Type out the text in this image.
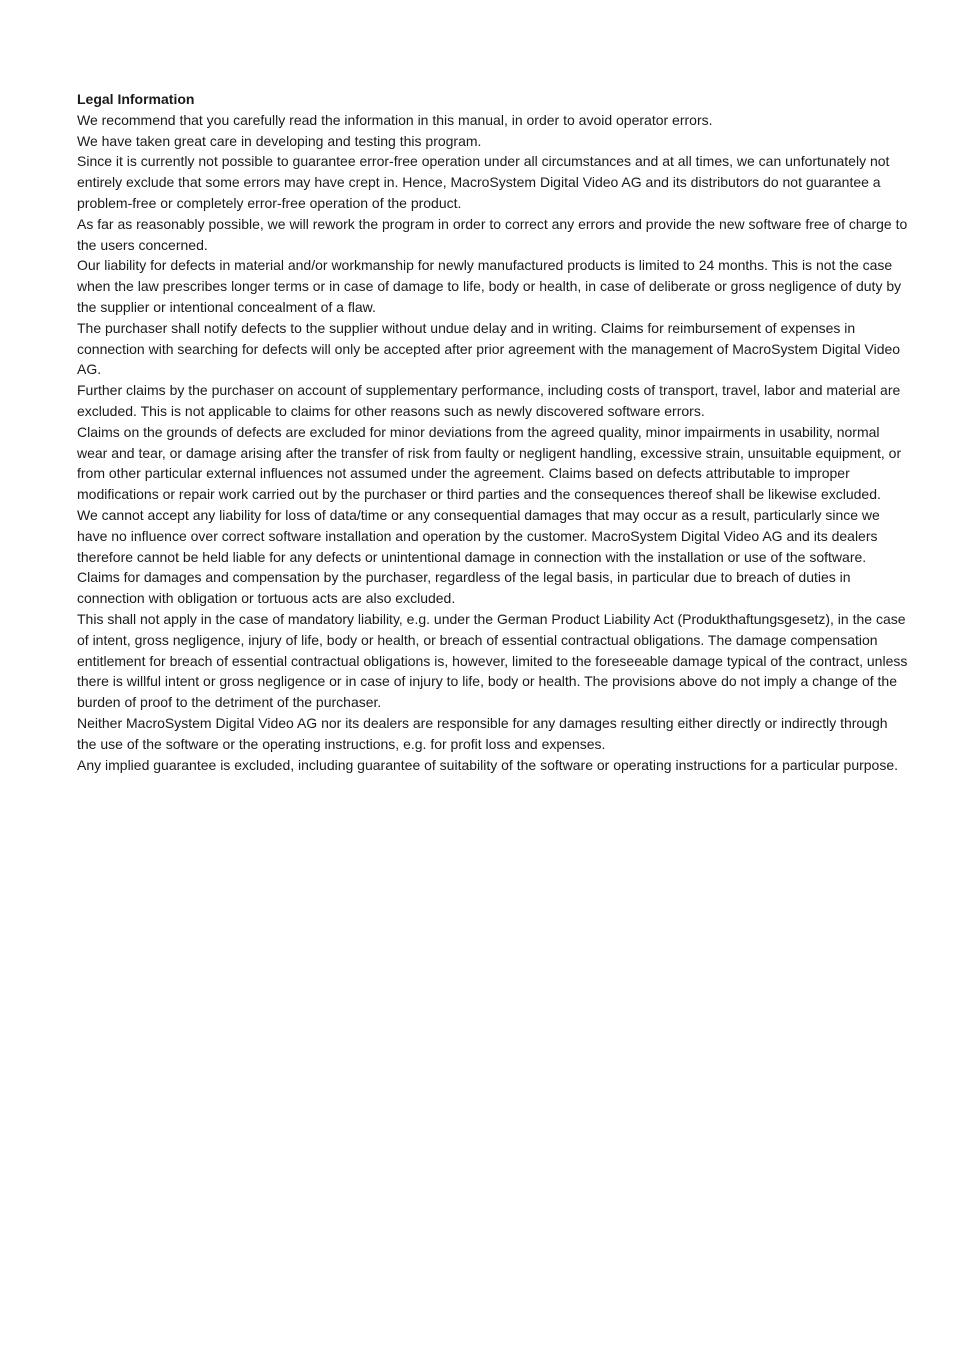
Legal Information

We recommend that you carefully read the information in this manual, in order to avoid operator errors.

We have taken great care in developing and testing this program.

Since it is currently not possible to guarantee error-free operation under all circumstances and at all times, we can unfortunately not entirely exclude that some errors may have crept in. Hence, MacroSystem Digital Video AG and its distributors do not guarantee a problem-free or completely error-free operation of the product.

As far as reasonably possible, we will rework the program in order to correct any errors and provide the new software free of charge to the users concerned.

Our liability for defects in material and/or workmanship for newly manufactured products is limited to 24 months. This is not the case when the law prescribes longer terms or in case of damage to life, body or health, in case of deliberate or gross negligence of duty by the supplier or intentional concealment of a flaw.

The purchaser shall notify defects to the supplier without undue delay and in writing. Claims for reimbursement of expenses in connection with searching for defects will only be accepted after prior agreement with the management of MacroSystem Digital Video AG.

Further claims by the purchaser on account of supplementary performance, including costs of transport, travel, labor and material are excluded. This is not applicable to claims for other reasons such as newly discovered software errors.

Claims on the grounds of defects are excluded for minor deviations from the agreed quality, minor impairments in usability, normal wear and tear, or damage arising after the transfer of risk from faulty or negligent handling, excessive strain, unsuitable equipment, or from other particular external influences not assumed under the agreement. Claims based on defects attributable to improper modifications or repair work carried out by the purchaser or third parties and the consequences thereof shall be likewise excluded.

We cannot accept any liability for loss of data/time or any consequential damages that may occur as a result, particularly since we have no influence over correct software installation and operation by the customer. MacroSystem Digital Video AG and its dealers therefore cannot be held liable for any defects or unintentional damage in connection with the installation or use of the software.

Claims for damages and compensation by the purchaser, regardless of the legal basis, in particular due to breach of duties in connection with obligation or tortuous acts are also excluded.

This shall not apply in the case of mandatory liability, e.g. under the German Product Liability Act (Produkthaftungsgesetz), in the case of intent, gross negligence, injury of life, body or health, or breach of essential contractual obligations. The damage compensation entitlement for breach of essential contractual obligations is, however, limited to the foreseeable damage typical of the contract, unless there is willful intent or gross negligence or in case of injury to life, body or health. The provisions above do not imply a change of the burden of proof to the detriment of the purchaser.

Neither MacroSystem Digital Video AG nor its dealers are responsible for any damages resulting either directly or indirectly through the use of the software or the operating instructions, e.g. for profit loss and expenses.

Any implied guarantee is excluded, including guarantee of suitability of the software or operating instructions for a particular purpose.
